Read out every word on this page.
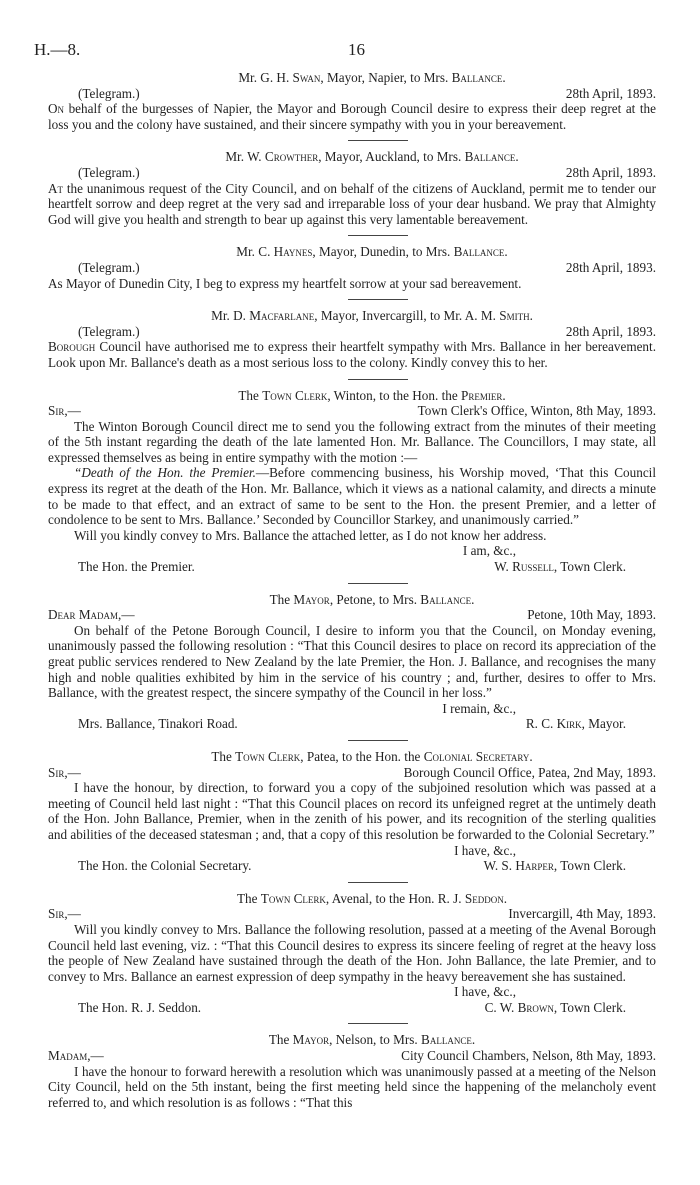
H.—8.	16
Mr. G. H. Swan, Mayor, Napier, to Mrs. Ballance.
(Telegram.)	28th April, 1893.

On behalf of the burgesses of Napier, the Mayor and Borough Council desire to express their deep regret at the loss you and the colony have sustained, and their sincere sympathy with you in your bereavement.

Mr. W. Crowther, Mayor, Auckland, to Mrs. Ballance.
(Telegram.)	28th April, 1893.

At the unanimous request of the City Council, and on behalf of the citizens of Auckland, permit me to tender our heartfelt sorrow and deep regret at the very sad and irreparable loss of your dear husband. We pray that Almighty God will give you health and strength to bear up against this very lamentable bereavement.

Mr. C. Haynes, Mayor, Dunedin, to Mrs. Ballance.
(Telegram.)	28th April, 1893.

As Mayor of Dunedin City, I beg to express my heartfelt sorrow at your sad bereavement.

Mr. D. Macfarlane, Mayor, Invercargill, to Mr. A. M. Smith.
(Telegram.)	28th April, 1893.

Borough Council have authorised me to express their heartfelt sympathy with Mrs. Ballance in her bereavement. Look upon Mr. Ballance's death as a most serious loss to the colony. Kindly convey this to her.

The Town Clerk, Winton, to the Hon. the Premier.
Sir,—	Town Clerk's Office, Winton, 8th May, 1893.

The Winton Borough Council direct me to send you the following extract from the minutes of their meeting of the 5th instant regarding the death of the late lamented Hon. Mr. Ballance. The Councillors, I may state, all expressed themselves as being in entire sympathy with the motion :—

“Death of the Hon. the Premier.—Before commencing business, his Worship moved, ‘That this Council express its regret at the death of the Hon. Mr. Ballance, which it views as a national calamity, and directs a minute to be made to that effect, and an extract of same to be sent to the Hon. the present Premier, and a letter of condolence to be sent to Mrs. Ballance.’ Seconded by Councillor Starkey, and unanimously carried.”

Will you kindly convey to Mrs. Ballance the attached letter, as I do not know her address.

I am, &c.,
The Hon. the Premier.	W. Russell, Town Clerk.
The Mayor, Petone, to Mrs. Ballance.
Dear Madam,—	Petone, 10th May, 1893.

On behalf of the Petone Borough Council, I desire to inform you that the Council, on Monday evening, unanimously passed the following resolution : “That this Council desires to place on record its appreciation of the great public services rendered to New Zealand by the late Premier, the Hon. J. Ballance, and recognises the many high and noble qualities exhibited by him in the service of his country ; and, further, desires to offer to Mrs. Ballance, with the greatest respect, the sincere sympathy of the Council in her loss.”

I remain, &c.,
Mrs. Ballance, Tinakori Road.	R. C. Kirk, Mayor.
The Town Clerk, Patea, to the Hon. the Colonial Secretary.
Sir,—	Borough Council Office, Patea, 2nd May, 1893.

I have the honour, by direction, to forward you a copy of the subjoined resolution which was passed at a meeting of Council held last night : “That this Council places on record its unfeigned regret at the untimely death of the Hon. John Ballance, Premier, when in the zenith of his power, and its recognition of the sterling qualities and abilities of the deceased statesman ; and, that a copy of this resolution be forwarded to the Colonial Secretary.”

I have, &c.,
The Hon. the Colonial Secretary.	W. S. Harper, Town Clerk.
The Town Clerk, Avenal, to the Hon. R. J. Seddon.
Sir,—	Invercargill, 4th May, 1893.

Will you kindly convey to Mrs. Ballance the following resolution, passed at a meeting of the Avenal Borough Council held last evening, viz. : “That this Council desires to express its sincere feeling of regret at the heavy loss the people of New Zealand have sustained through the death of the Hon. John Ballance, the late Premier, and to convey to Mrs. Ballance an earnest expression of deep sympathy in the heavy bereavement she has sustained.

I have, &c.,
The Hon. R. J. Seddon.	C. W. Brown, Town Clerk.
The Mayor, Nelson, to Mrs. Ballance.
Madam,—	City Council Chambers, Nelson, 8th May, 1893.

I have the honour to forward herewith a resolution which was unanimously passed at a meeting of the Nelson City Council, held on the 5th instant, being the first meeting held since the happening of the melancholy event referred to, and which resolution is as follows : “That this
